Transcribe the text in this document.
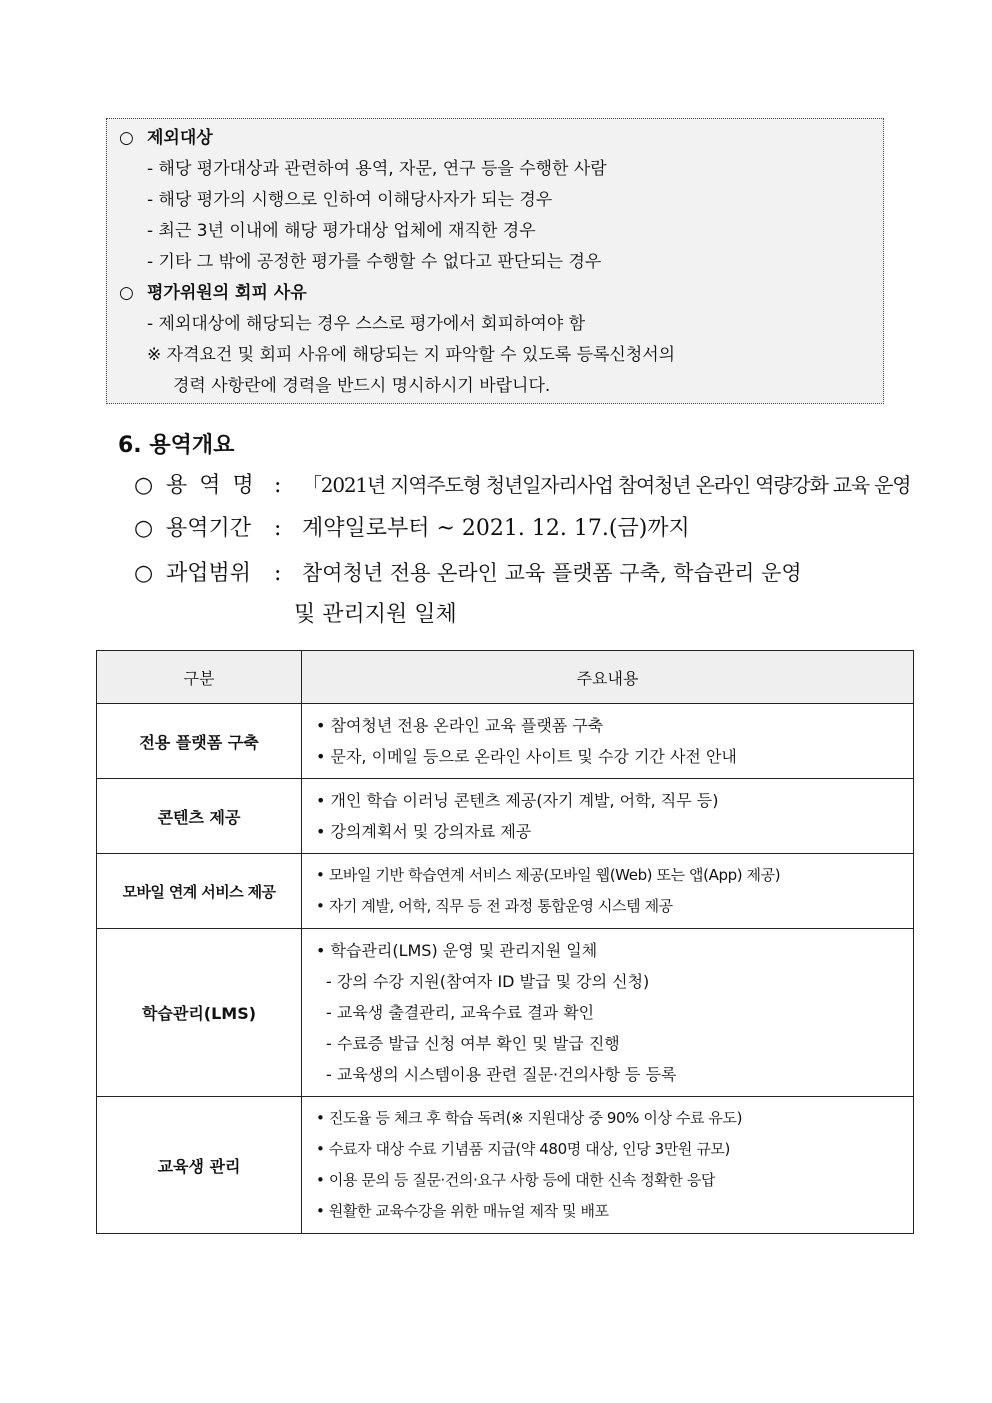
○ 제외대상
- 해당 평가대상과 관련하여 용역, 자문, 연구 등을 수행한 사람
- 해당 평가의 시행으로 인하여 이해당사자가 되는 경우
- 최근 3년 이내에 해당 평가대상 업체에 재직한 경우
- 기타 그 밖에 공정한 평가를 수행할 수 없다고 판단되는 경우
○ 평가위원의 회피 사유
- 제외대상에 해당되는 경우 스스로 평가에서 회피하여야 함
※ 자격요건 및 회피 사유에 해당되는 지 파악할 수 있도록 등록신청서의
경력 사항란에 경력을 반드시 명시하시기 바랍니다.
6. 용역개요
○ 용역명 : 「2021년 지역주도형 청년일자리사업 참여청년 온라인 역량강화 교육 운영
○ 용역기간 : 계약일로부터 ~ 2021. 12. 17.(금)까지
○ 과업범위 : 참여청년 전용 온라인 교육 플랫폼 구축, 학습관리 운영
및 관리지원 일체
구분	주요내용
전용 플랫폼 구축	• 참여청년 전용 온라인 교육 플랫폼 구축
• 문자, 이메일 등으로 온라인 사이트 및 수강 기간 사전 안내

콘텐츠 제공	• 개인 학습 이러닝 콘텐츠 제공(자기 계발, 어학, 직무 등)
• 강의계획서 및 강의자료 제공

모바일 연계 서비스 제공	• 모바일 기반 학습연계 서비스 제공(모바일 웹(Web) 또는 앱(App) 제공)
• 자기 계발, 어학, 직무 등 전 과정 통합운영 시스템 제공

학습관리(LMS)	• 학습관리(LMS) 운영 및 관리지원 일체
- 강의 수강 지원(참여자 ID 발급 및 강의 신청)
- 교육생 출결관리, 교육수료 결과 확인
- 수료증 발급 신청 여부 확인 및 발급 진행
- 교육생의 시스템이용 관련 질문·건의사항 등 등록

교육생 관리	• 진도율 등 체크 후 학습 독려(※ 지원대상 중 90% 이상 수료 유도)
• 수료자 대상 수료 기념품 지급(약 480명 대상, 인당 3만원 규모)
• 이용 문의 등 질문·건의·요구 사항 등에 대한 신속 정확한 응답
• 원활한 교육수강을 위한 매뉴얼 제작 및 배포
